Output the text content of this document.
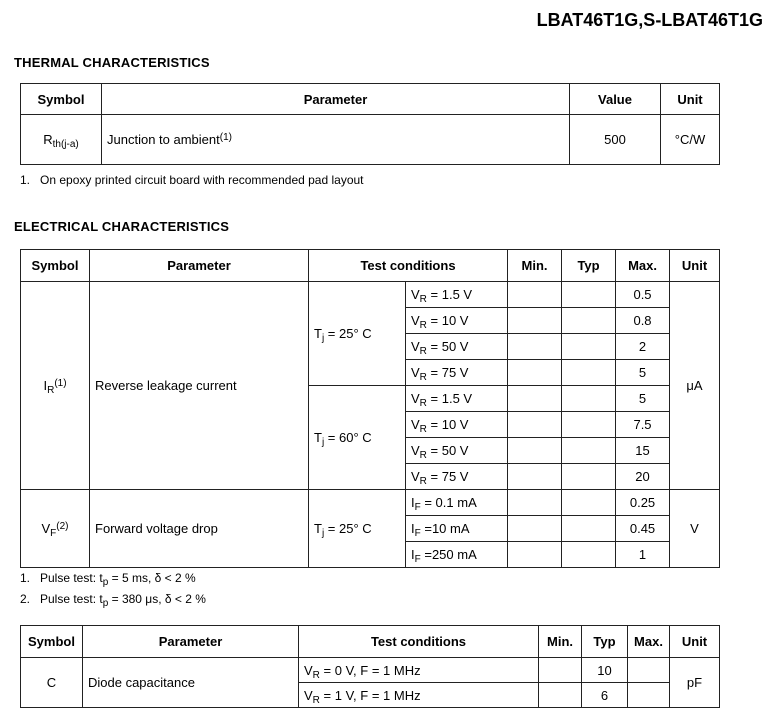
LBAT46T1G,S-LBAT46T1G
THERMAL CHARACTERISTICS
Symbol	Parameter	Value	Unit
$R_{th(j-a)}$	Junction to ambient$^{(1)}$	500	°C/W
1. On epoxy printed circuit board with recommended pad layout
ELECTRICAL CHARACTERISTICS
Symbol	Parameter	Test conditions		Min.	Typ	Max.	Unit
$I_R^{(1)}$	Reverse leakage current	$T_j = 25^\circ$ C	$V_R = 1.5$ V			0.5	μA
			$V_R = 10$ V			0.8	
			$V_R = 50$ V			2	
			$V_R = 75$ V			5	
		$T_j = 60^\circ$ C	$V_R = 1.5$ V			5	
			$V_R = 10$ V			7.5	
			$V_R = 50$ V			15	
			$V_R = 75$ V			20	
$V_F^{(2)}$	Forward voltage drop	$T_j = 25^\circ$ C	$I_F = 0.1$ mA			0.25	V
			$I_F =10$ mA			0.45	
			$I_F =250$ mA			1	
1. Pulse test: $t_p = 5$ ms, δ < 2 %
2. Pulse test: $t_p = 380$ μs, δ < 2 %
Symbol	Parameter	Test conditions	Min.	Typ	Max.	Unit
C	Diode capacitance	$V_R = 0$ V, F = 1 MHz		10		pF
		$V_R = 1$ V, F = 1 MHz		6		
